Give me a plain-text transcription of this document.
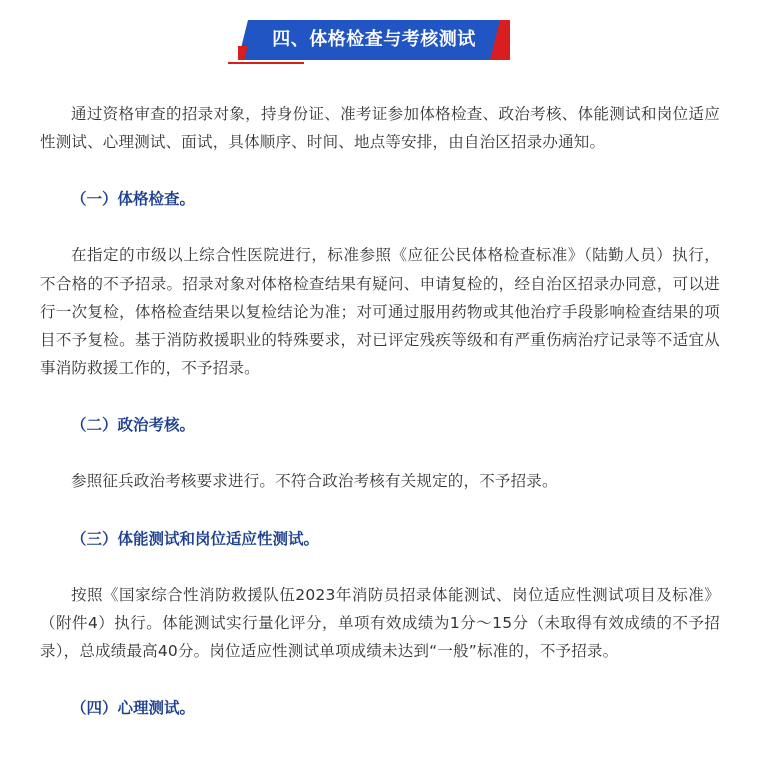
四、体格检查与考核测试

通过资格审查的招录对象，持身份证、准考证参加体格检查、政治考核、体能测试和岗位适应性测试、心理测试、面试，具体顺序、时间、地点等安排，由自治区招录办通知。

（一）体格检查。

在指定的市级以上综合性医院进行，标准参照《应征公民体格检查标准》（陆勤人员）执行，不合格的不予招录。招录对象对体格检查结果有疑问、申请复检的，经自治区招录办同意，可以进行一次复检，体格检查结果以复检结论为准；对可通过服用药物或其他治疗手段影响检查结果的项目不予复检。基于消防救援职业的特殊要求，对已评定残疾等级和有严重伤病治疗记录等不适宜从事消防救援工作的，不予招录。

（二）政治考核。

参照征兵政治考核要求进行。不符合政治考核有关规定的，不予招录。

（三）体能测试和岗位适应性测试。

按照《国家综合性消防救援队伍2023年消防员招录体能测试、岗位适应性测试项目及标准》（附件4）执行。体能测试实行量化评分，单项有效成绩为1分～15分（未取得有效成绩的不予招录），总成绩最高40分。岗位适应性测试单项成绩未达到“一般”标准的，不予招录。

（四）心理测试。
